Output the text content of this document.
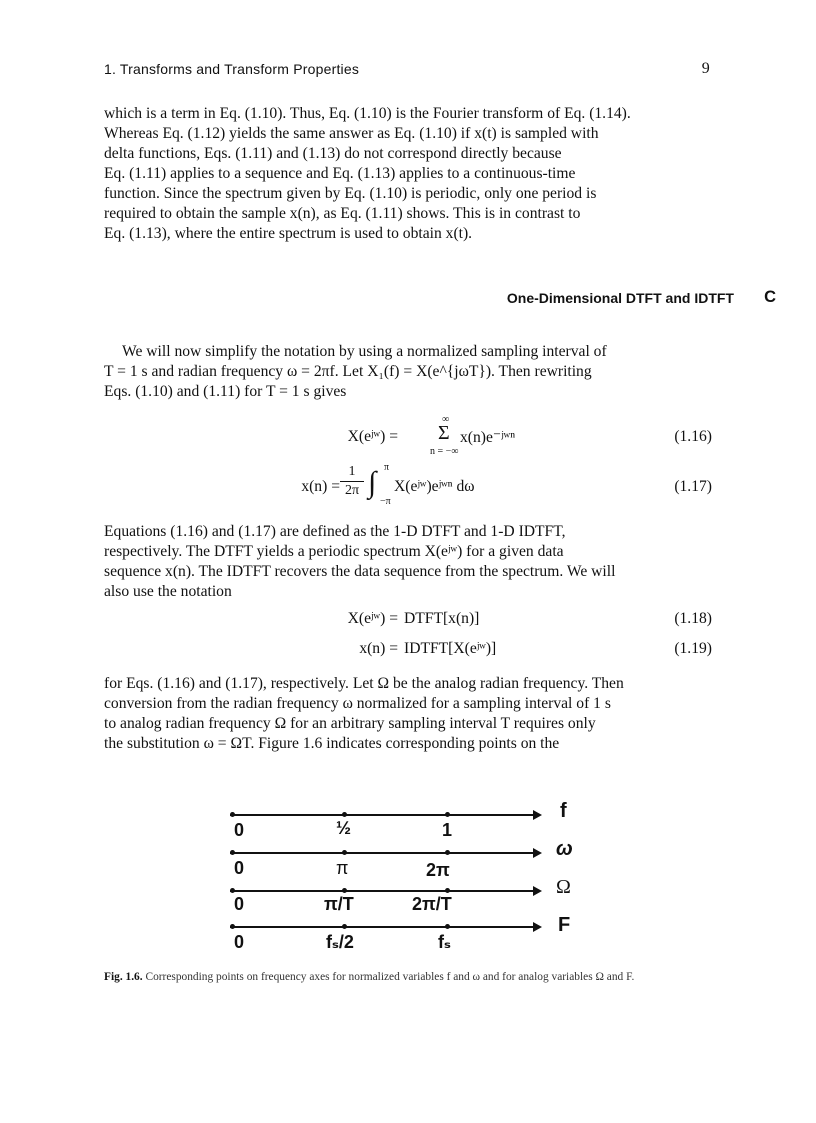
1. Transforms and Transform Properties	9

which is a term in Eq. (1.10). Thus, Eq. (1.10) is the Fourier transform of Eq. (1.14).

Whereas Eq. (1.12) yields the same answer as Eq. (1.10) if x(t) is sampled with

delta functions, Eqs. (1.11) and (1.13) do not correspond directly because

Eq. (1.11) applies to a sequence and Eq. (1.13) applies to a continuous-time

function. Since the spectrum given by Eq. (1.10) is periodic, only one period is

required to obtain the sample x(n), as Eq. (1.11) shows. This is in contrast to

Eq. (1.13), where the entire spectrum is used to obtain x(t).

One-Dimensional DTFT and IDTFT C

We will now simplify the notation by using a normalized sampling interval of

T = 1 s and radian frequency ω = 2πf. Let X₁(f) = X(e^{jωT}). Then rewriting

Eqs. (1.10) and (1.11) for T = 1 s gives

X(eʲʷ) =
∞
Σ
n = −∞
x(n)e⁻ʲʷⁿ	(1.16)
x(n) =
1
2π ∫ π
−π
X(eʲʷ)eʲʷⁿ dω	(1.17)

Equations (1.16) and (1.17) are defined as the 1-D DTFT and 1-D IDTFT,

respectively. The DTFT yields a periodic spectrum X(eʲʷ) for a given data

sequence x(n). The IDTFT recovers the data sequence from the spectrum. We will

also use the notation

X(eʲʷ) = DTFT[x(n)]	(1.18)
x(n) = IDTFT[X(eʲʷ)]	(1.19)

for Eqs. (1.16) and (1.17), respectively. Let Ω be the analog radian frequency. Then

conversion from the radian frequency ω normalized for a sampling interval of 1 s

to analog radian frequency Ω for an arbitrary sampling interval T requires only

the substitution ω = ΩT. Figure 1.6 indicates corresponding points on the

0	½	1
f
0	π	2π
ω
0	π/T	2π/T
Ω
0	fₛ/2	fₛ
F
Fig. 1.6. Corresponding points on frequency axes for normalized variables f and ω and for analog variables Ω and F.
